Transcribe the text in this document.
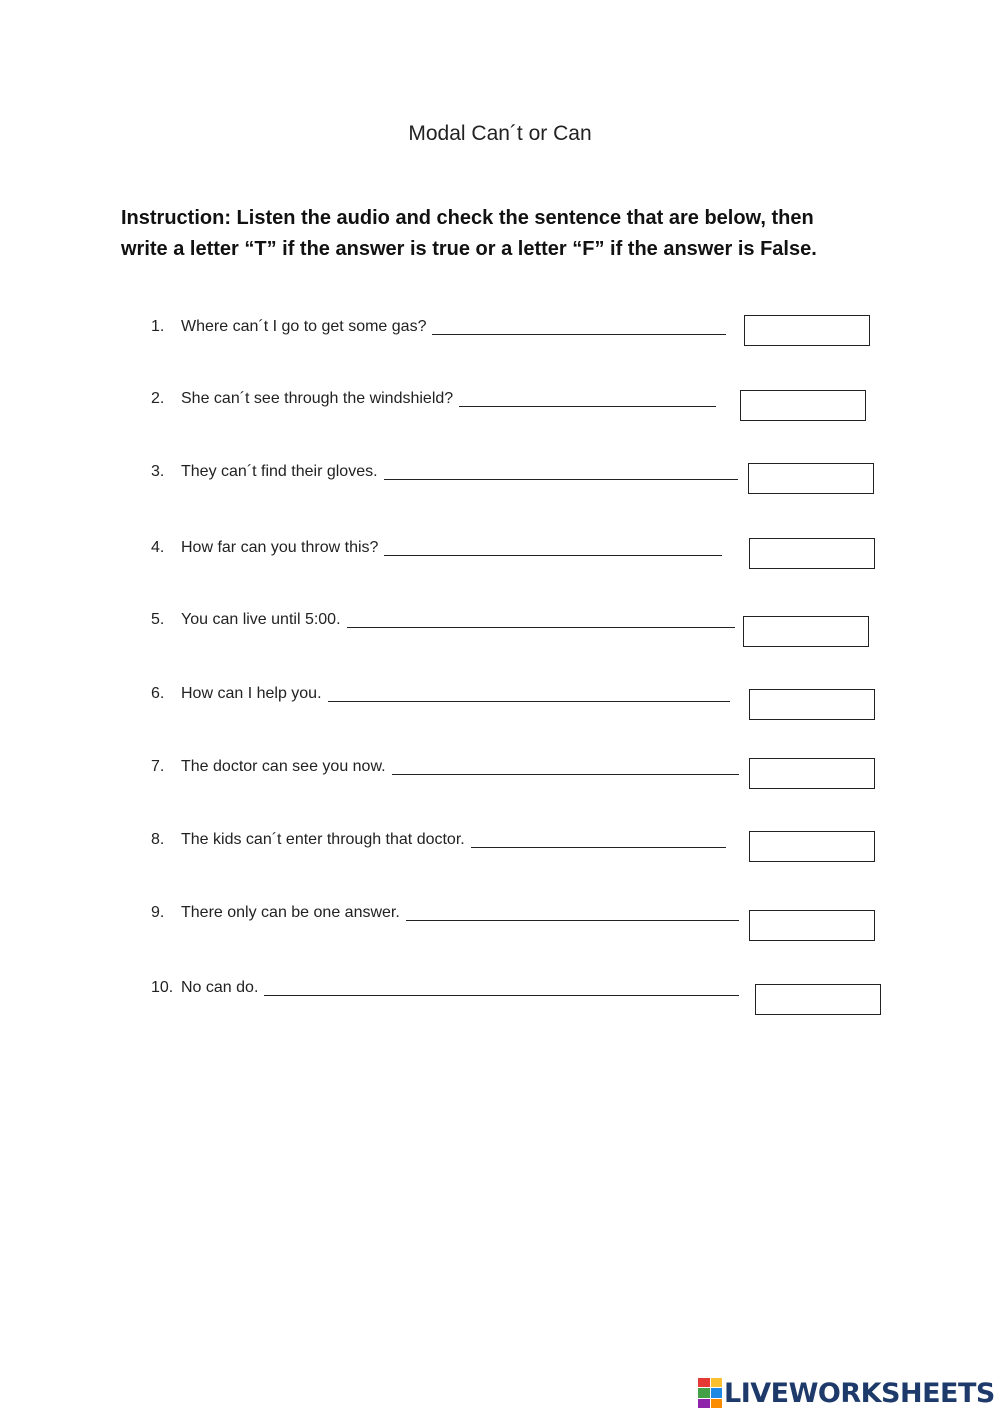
Modal Can´t or Can
Instruction: Listen the audio and check the sentence that are below, then write a letter “T” if the answer is true or a letter “F” if the answer is False.
1. Where can´t I go to get some gas?
2. She can´t see through the windshield?
3. They can´t find their gloves.
4. How far can you throw this?
5. You can live until 5:00.
6. How can I help you.
7. The doctor can see you now.
8. The kids can´t enter through that doctor.
9. There only can be one answer.
10. No can do.
LIVEWORKSHEETS
